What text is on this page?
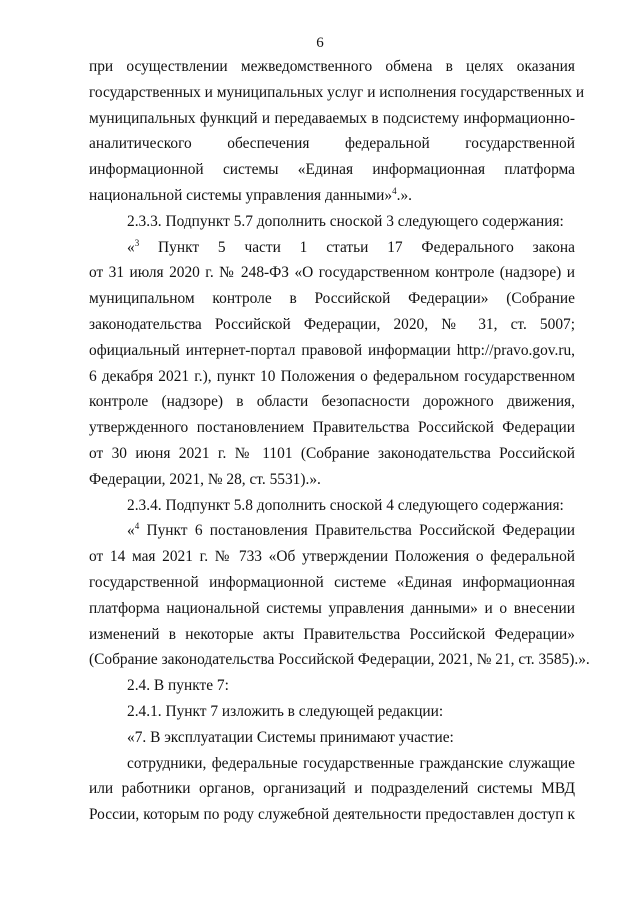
6
при осуществлении межведомственного обмена в целях оказания
государственных и муниципальных услуг и исполнения государственных и
муниципальных функций и передаваемых в подсистему информационно-
аналитического обеспечения федеральной государственной
информационной системы «Единая информационная платформа
национальной системы управления данными»$^4$.».
2.3.3. Подпункт 5.7 дополнить сноской 3 следующего содержания:
«$^3$ Пункт 5 части 1 статьи 17 Федерального закона
от 31 июля 2020 г. № 248-ФЗ «О государственном контроле (надзоре) и
муниципальном контроле в Российской Федерации» (Собрание
законодательства Российской Федерации, 2020, № 31, ст. 5007;
официальный интернет-портал правовой информации http://pravo.gov.ru,
6 декабря 2021 г.), пункт 10 Положения о федеральном государственном
контроле (надзоре) в области безопасности дорожного движения,
утвержденного постановлением Правительства Российской Федерации
от 30 июня 2021 г. № 1101 (Собрание законодательства Российской
Федерации, 2021, № 28, ст. 5531).».
2.3.4. Подпункт 5.8 дополнить сноской 4 следующего содержания:
«$^4$ Пункт 6 постановления Правительства Российской Федерации
от 14 мая 2021 г. № 733 «Об утверждении Положения о федеральной
государственной информационной системе «Единая информационная
платформа национальной системы управления данными» и о внесении
изменений в некоторые акты Правительства Российской Федерации»
(Собрание законодательства Российской Федерации, 2021, № 21, ст. 3585).».
2.4. В пункте 7:
2.4.1. Пункт 7 изложить в следующей редакции:
«7. В эксплуатации Системы принимают участие:
сотрудники, федеральные государственные гражданские служащие
или работники органов, организаций и подразделений системы МВД
России, которым по роду служебной деятельности предоставлен доступ к
